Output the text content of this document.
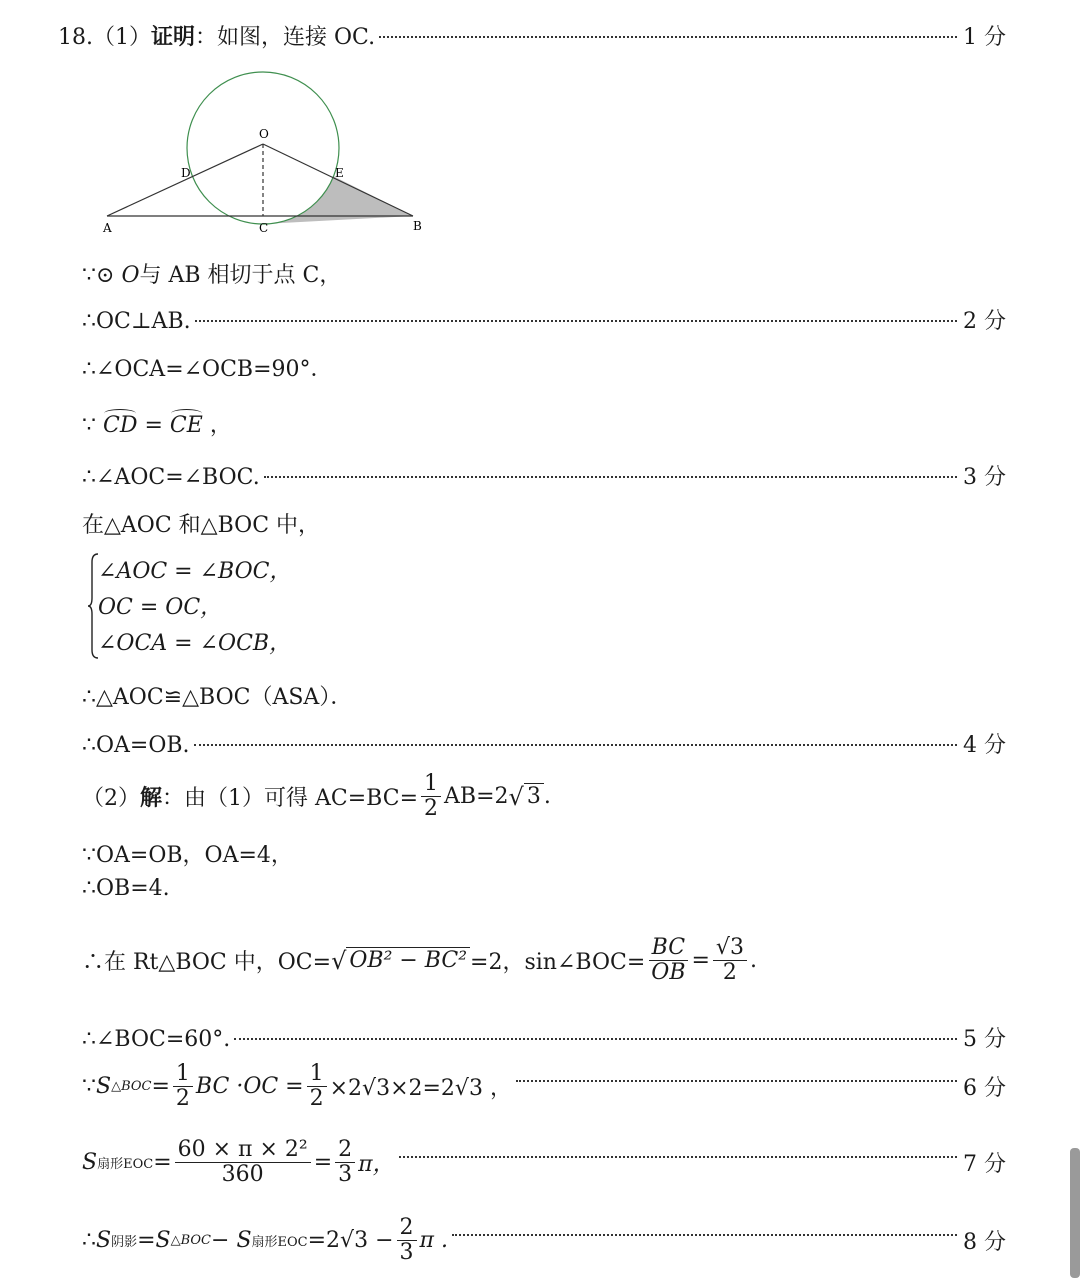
18.（1）证明：如图，连接 OC.	1 分
O
D	E
A	C	B
∵⊙ O与 AB 相切于点 C，
∴OC⊥AB.	2 分
∴∠OCA=∠OCB=90°．
∵ CD = CE ，
∴∠AOC=∠BOC.	3 分
在△AOC 和△BOC 中，
∠AOC = ∠BOC，
OC = OC，
∠OCA = ∠OCB，
∴△AOC≌△BOC（ASA）．
∴OA=OB.	4 分
（2） 解 ：由（1）可得 $AC=BC= \frac{1}{2} AB=2$ √ 3 .
∵OA=OB，OA=4，
∴OB=4.
∴在 Rt△BOC 中，OC= √ OB² − BC² =2，sin∠BOC= $\frac{BC}{OB} = \frac{√3}{2}$ .
∴∠BOC=60°.	5 分
∵ S △BOC = $\frac{1}{2}$ BC $\cdot OC = \frac{1}{2} \times 2√3\times 2=2√3$ ，	6 分
S 扇形EOC = $\frac{\text{60 × π × 2²}}{360} = \frac{2}{3}$ π，	7 分
∴ S 阴影 =S △BOC − S 扇形EOC $=2√3 - \frac{2}{3}$ π .	8 分
